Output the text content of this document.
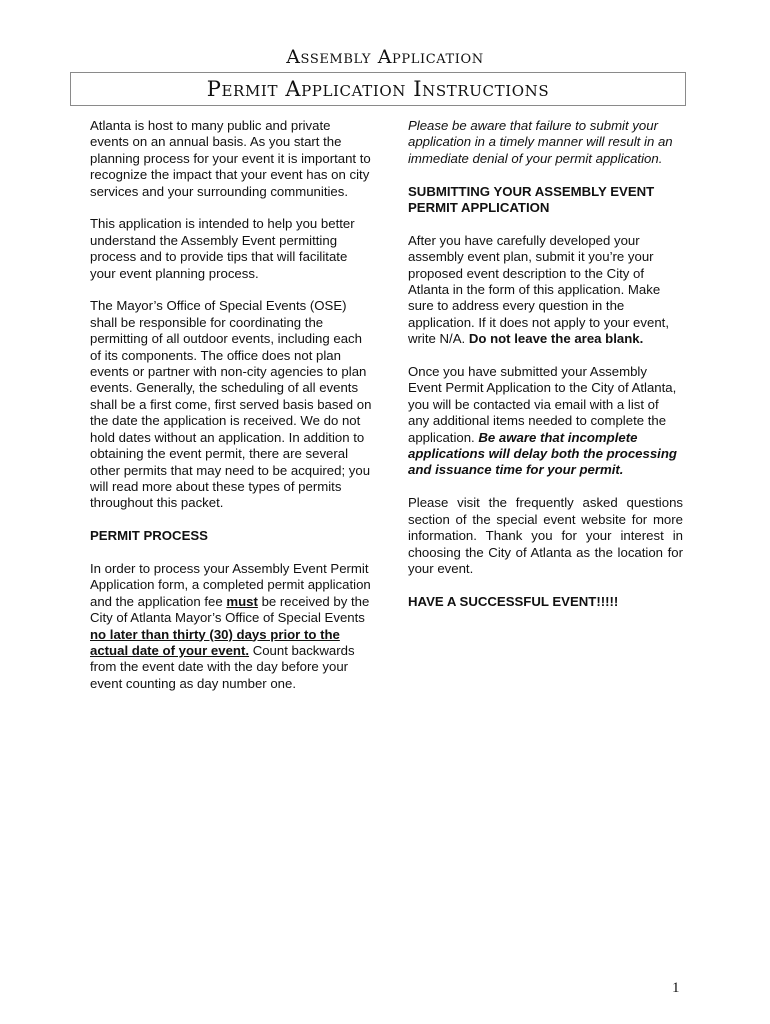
Assembly Application
Permit Application Instructions

Atlanta is host to many public and private events on an annual basis. As you start the planning process for your event it is important to recognize the impact that your event has on city services and your surrounding communities.

This application is intended to help you better understand the Assembly Event permitting process and to provide tips that will facilitate your event planning process.

The Mayor’s Office of Special Events (OSE) shall be responsible for coordinating the permitting of all outdoor events, including each of its components. The office does not plan events or partner with non-city agencies to plan events. Generally, the scheduling of all events shall be a first come, first served basis based on the date the application is received. We do not hold dates without an application. In addition to obtaining the event permit, there are several other permits that may need to be acquired; you will read more about these types of permits throughout this packet.

PERMIT PROCESS

In order to process your Assembly Event Permit Application form, a completed permit application and the application fee must be received by the City of Atlanta Mayor’s Office of Special Events no later than thirty (30) days prior to the actual date of your event. Count backwards from the event date with the day before your event counting as day number one.

Please be aware that failure to submit your application in a timely manner will result in an immediate denial of your permit application.

SUBMITTING YOUR ASSEMBLY EVENT PERMIT APPLICATION

After you have carefully developed your assembly event plan, submit it you’re your proposed event description to the City of Atlanta in the form of this application. Make sure to address every question in the application. If it does not apply to your event, write N/A. Do not leave the area blank.

Once you have submitted your Assembly Event Permit Application to the City of Atlanta, you will be contacted via email with a list of any additional items needed to complete the application. Be aware that incomplete applications will delay both the processing and issuance time for your permit.

Please visit the frequently asked questions section of the special event website for more information. Thank you for your interest in choosing the City of Atlanta as the location for your event.

HAVE A SUCCESSFUL EVENT!!!!!

1
